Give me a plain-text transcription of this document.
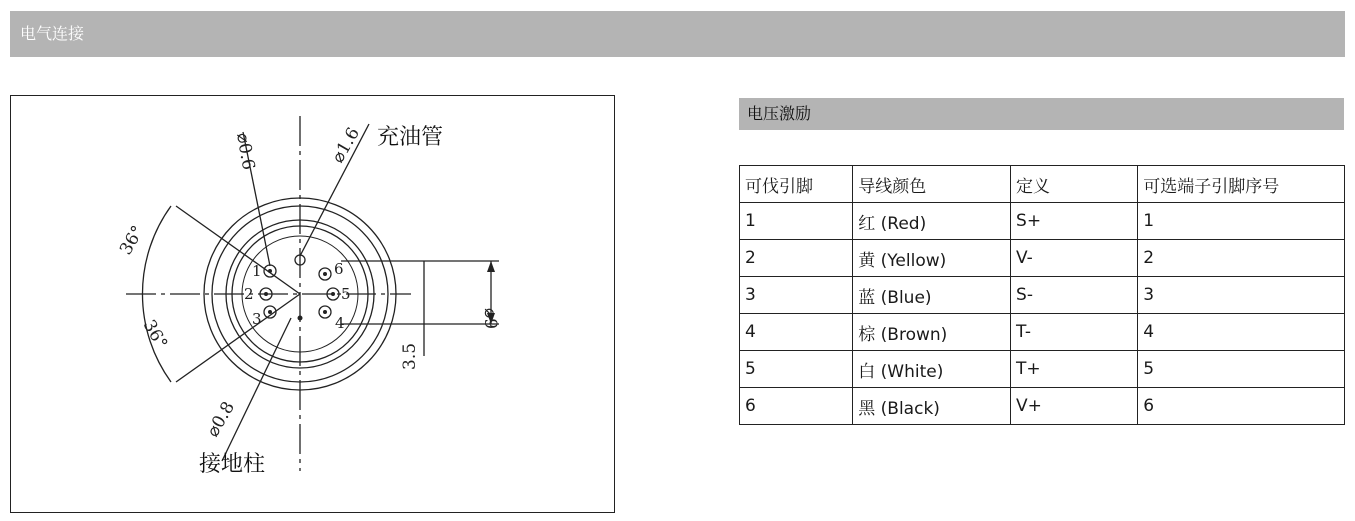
电气连接
1
2
3	4
5
6
⌀0.6	⌀1.6
⌀0.8
⌀9
3.5
36°
36°
充油管
接地柱
电压激励
可伐引脚	导线颜色	定义	可选端子引脚序号
1	红 (Red)	S+	1
2	黄 (Yellow)	V-	2
3	蓝 (Blue)	S-	3
4	棕 (Brown)	T-	4
5	白 (White)	T+	5
6	黑 (Black)	V+	6
